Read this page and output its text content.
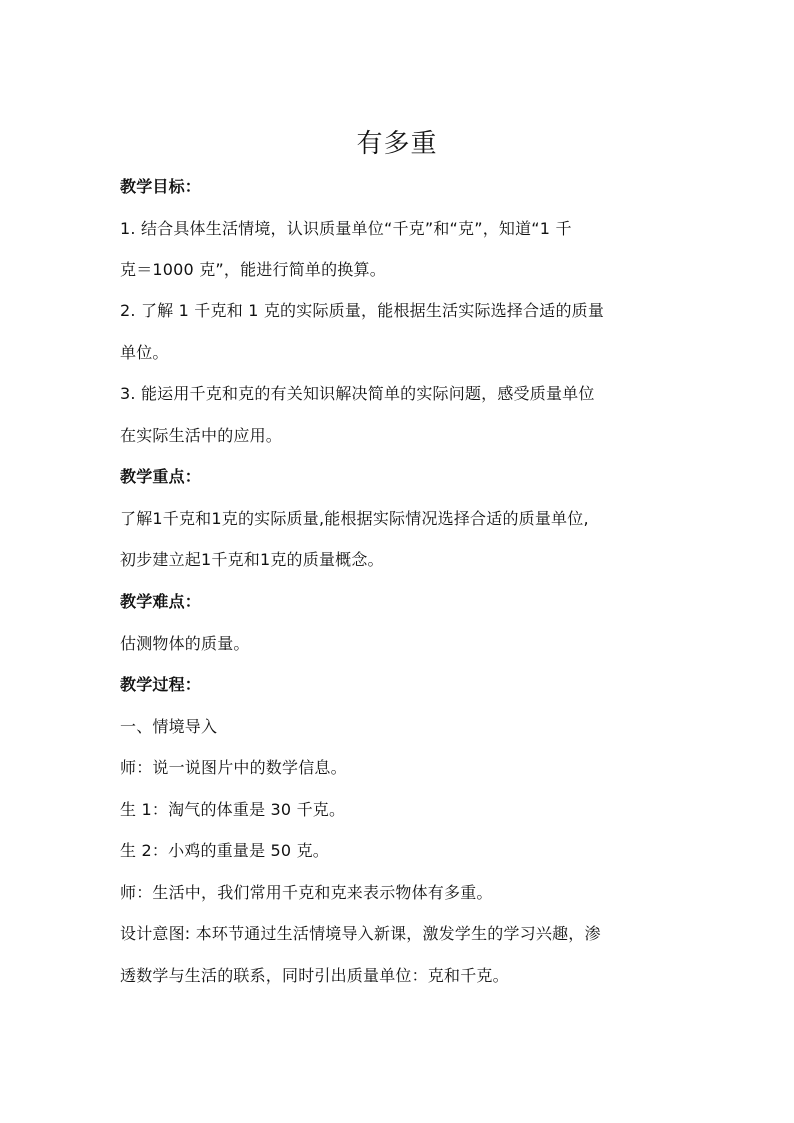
有多重
教学目标：
1. 结合具体生活情境，认识质量单位“千克”和“克”，知道“1 千
克＝1000 克”，能进行简单的换算。
2. 了解 1 千克和 1 克的实际质量，能根据生活实际选择合适的质量
单位。
3. 能运用千克和克的有关知识解决简单的实际问题，感受质量单位
在实际生活中的应用。
教学重点：
了解1千克和1克的实际质量,能根据实际情况选择合适的质量单位,
初步建立起1千克和1克的质量概念。
教学难点：
估测物体的质量。
教学过程：
一、情境导入
师：说一说图片中的数学信息。
生 1：淘气的体重是 30 千克。
生 2：小鸡的重量是 50 克。
师：生活中，我们常用千克和克来表示物体有多重。
设计意图: 本环节通过生活情境导入新课，激发学生的学习兴趣，渗
透数学与生活的联系，同时引出质量单位：克和千克。
